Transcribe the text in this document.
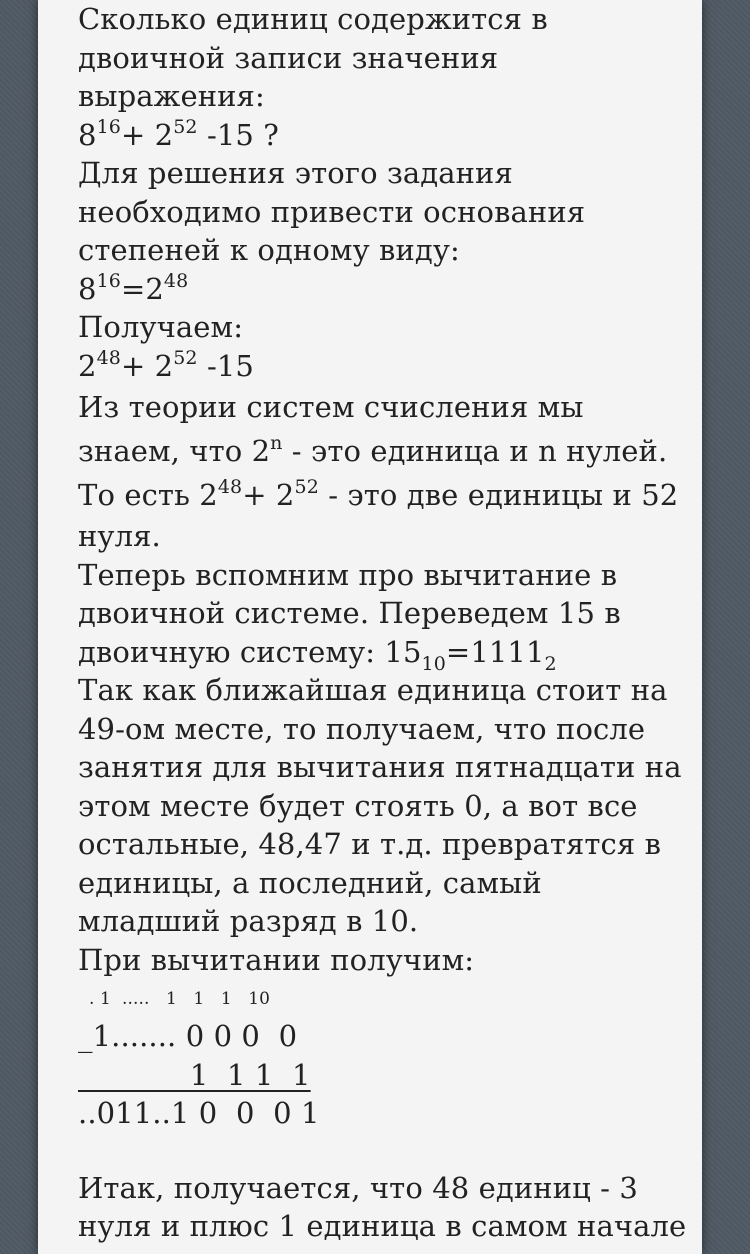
Сколько единиц содержится в
двоичной записи значения
выражения:
$8^{16}+ 2^{52}$ -15 ?
Для решения этого задания
необходимо привести основания
степеней к одному виду:
$8^{16}=2^{48}$
Получаем:
$2^{48}+ 2^{52}$ -15
Из теории систем счисления мы
знаем, что 2$^n$ - это единица и n нулей.
То есть $2^{48}+ 2^{52}$ - это две единицы и 52
нуля.
Теперь вспомним про вычитание в
двоичной системе. Переведем 15 в
двоичную систему: $15_{10}=1111_2$
Так как ближайшая единица стоит на
49-ом месте, то получаем, что после
занятия для вычитания пятнадцати на
этом месте будет стоять 0, а вот все
остальные, 48,47 и т.д. превратятся в
единицы, а последний, самый
младший разряд в 10.
При вычитании получим:
. 1  .....   1   1   1   10
_1....... 0 0 0  0
1  1 1  1
..011..1 0  0  0 1
Итак, получается, что 48 единиц - 3
нуля и плюс 1 единица в самом начале
